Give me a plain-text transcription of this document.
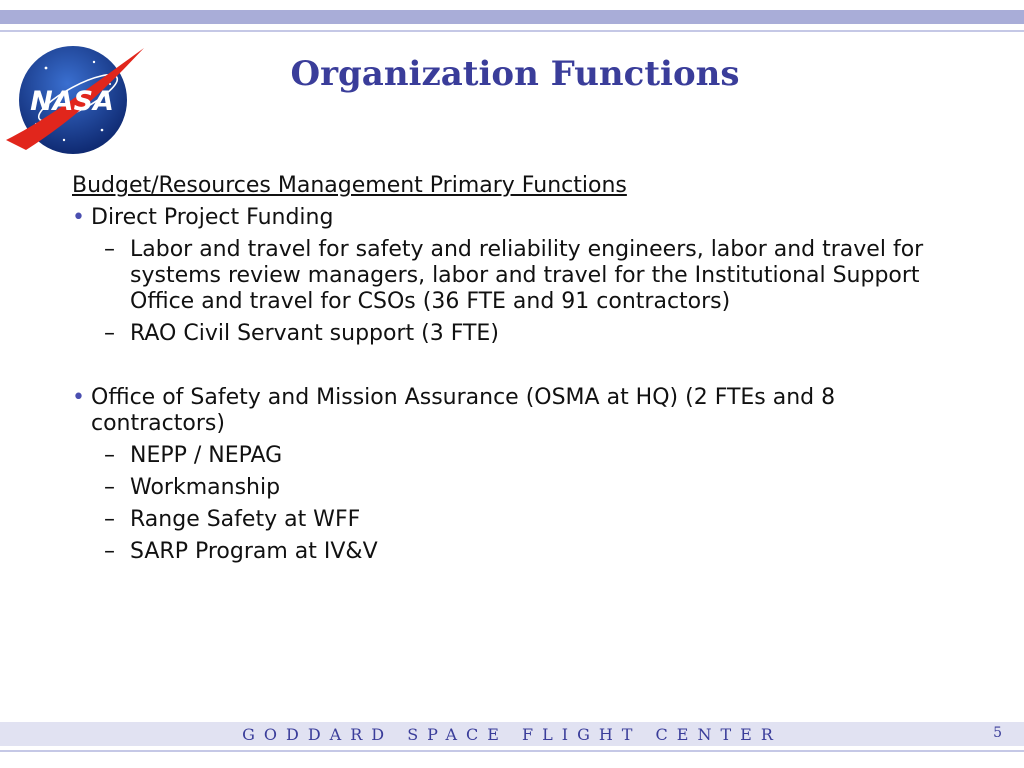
NASA
Organization Functions
Budget/Resources Management Primary Functions
• Direct Project Funding
– Labor and travel for safety and reliability engineers, labor and travel for systems review managers, labor and travel for the Institutional Support Office and travel for CSOs (36 FTE and 91 contractors)
– RAO Civil Servant support (3 FTE)
• Office of Safety and Mission Assurance (OSMA at HQ) (2 FTEs and 8 contractors)
– NEPP / NEPAG
– Workmanship
– Range Safety at WFF
– SARP Program at IV&V
GODDARD SPACE FLIGHT CENTER	5
